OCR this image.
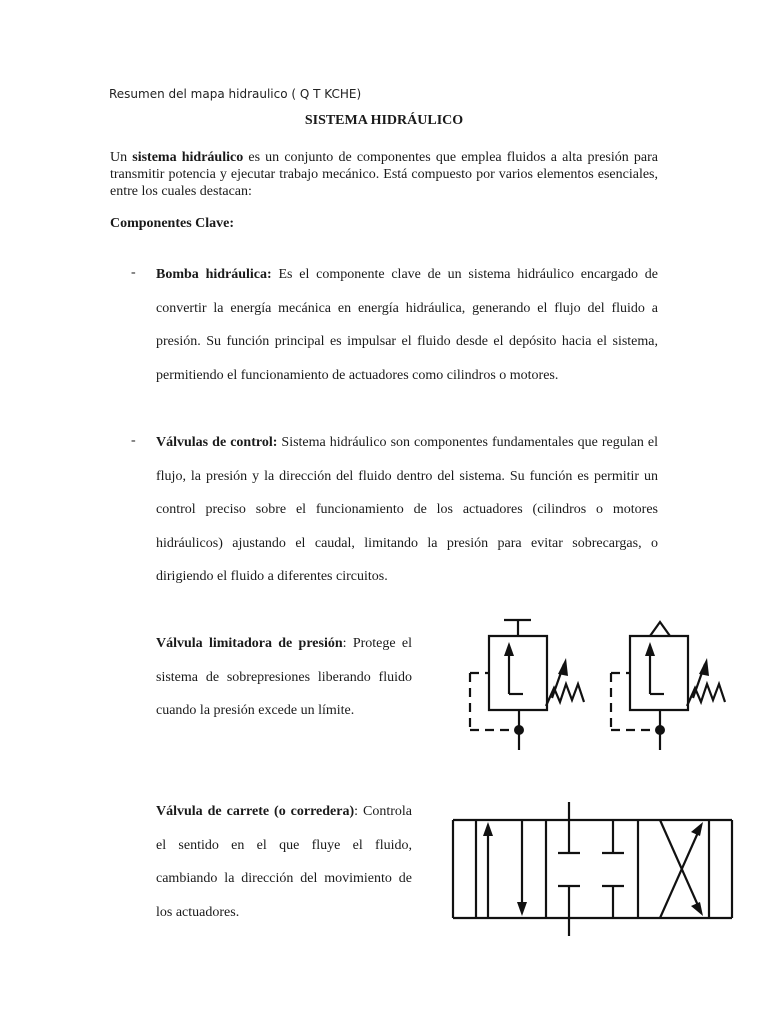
Resumen del mapa hidraulico ( Q T KCHE)
SISTEMA HIDRÁULICO

Un sistema hidráulico es un conjunto de componentes que emplea fluidos a alta presión para transmitir potencia y ejecutar trabajo mecánico. Está compuesto por varios elementos esenciales, entre los cuales destacan:

Componentes Clave:
- Bomba hidráulica: Es el componente clave de un sistema hidráulico encargado de convertir la energía mecánica en energía hidráulica, generando el flujo del fluido a presión. Su función principal es impulsar el fluido desde el depósito hacia el sistema, permitiendo el funcionamiento de actuadores como cilindros o motores.

- Válvulas de control: Sistema hidráulico son componentes fundamentales que regulan el flujo, la presión y la dirección del fluido dentro del sistema. Su función es permitir un control preciso sobre el funcionamiento de los actuadores (cilindros o motores hidráulicos) ajustando el caudal, limitando la presión para evitar sobrecargas, o dirigiendo el fluido a diferentes circuitos.

Válvula limitadora de presión: Protege el sistema de sobrepresiones liberando fluido cuando la presión excede un límite.

Válvula de carrete (o corredera): Controla el sentido en el que fluye el fluido, cambiando la dirección del movimiento de los actuadores.
